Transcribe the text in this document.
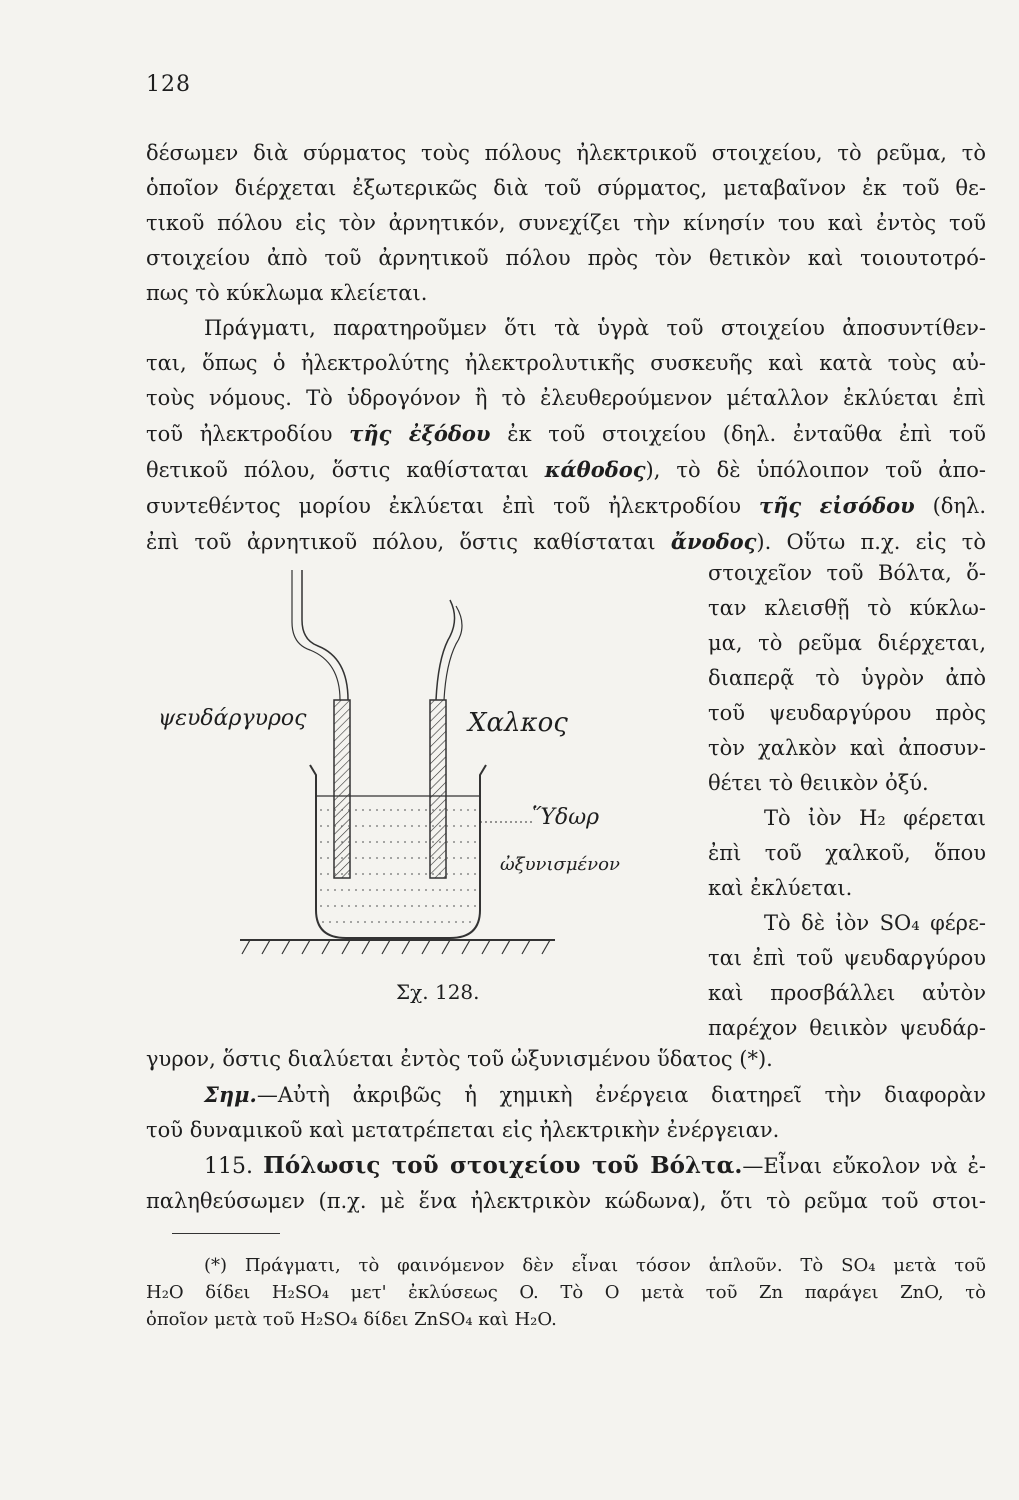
128
δέσωμεν διὰ σύρματος τοὺς πόλους ἠλεκτρικοῦ στοιχείου, τὸ ρεῦμα, τὸ
ὁποῖον διέρχεται ἐξωτερικῶς διὰ τοῦ σύρματος, μεταβαῖνον ἐκ τοῦ θε-
τικοῦ πόλου εἰς τὸν ἀρνητικόν, συνεχίζει τὴν κίνησίν του καὶ ἐντὸς τοῦ
στοιχείου ἀπὸ τοῦ ἀρνητικοῦ πόλου πρὸς τὸν θετικὸν καὶ τοιουτοτρό-
πως τὸ κύκλωμα κλείεται.
Πράγματι, παρατηροῦμεν ὅτι τὰ ὑγρὰ τοῦ στοιχείου ἀποσυντίθεν-
ται, ὅπως ὁ ἠλεκτρολύτης ἠλεκτρολυτικῆς συσκευῆς καὶ κατὰ τοὺς αὐ-
τοὺς νόμους. Τὸ ὑδρογόνον ἢ τὸ ἐλευθερούμενον μέταλλον ἐκλύεται ἐπὶ
τοῦ ἠλεκτροδίου τῆς ἐξόδου ἐκ τοῦ στοιχείου (δηλ. ἐνταῦθα ἐπὶ τοῦ
θετικοῦ πόλου, ὅστις καθίσταται κάθοδος), τὸ δὲ ὑπόλοιπον τοῦ ἀπο-
συντεθέντος μορίου ἐκλύεται ἐπὶ τοῦ ἠλεκτροδίου τῆς εἰσόδου (δηλ.
ἐπὶ τοῦ ἀρνητικοῦ πόλου, ὅστις καθίσταται ἄνοδος). Οὕτω π.χ. εἰς τὸ
στοιχεῖον τοῦ Βόλτα, ὅ-
ταν κλεισθῇ τὸ κύκλω-
μα, τὸ ρεῦμα διέρχεται,
διαπερᾷ τὸ ὑγρὸν ἀπὸ
τοῦ ψευδαργύρου πρὸς
τὸν χαλκὸν καὶ ἀποσυν-
θέτει τὸ θειικὸν ὀξύ.
Τὸ ἰὸν H₂ φέρεται
ἐπὶ τοῦ χαλκοῦ, ὅπου
καὶ ἐκλύεται.
Τὸ δὲ ἰὸν SO₄ φέρε-
ται ἐπὶ τοῦ ψευδαργύρου
καὶ προσβάλλει αὐτὸν
παρέχον θειικὸν ψευδάρ-
ψευδάργυρος	Χαλκος
Ὕδωρ
ὠξυνισμένον
Σχ. 128.
γυρον, ὅστις διαλύεται ἐντὸς τοῦ ὠξυνισμένου ὕδατος (*).
Σημ.—Αὐτὴ ἀκριβῶς ἡ χημικὴ ἐνέργεια διατηρεῖ τὴν διαφορὰν
τοῦ δυναμικοῦ καὶ μετατρέπεται εἰς ἠλεκτρικὴν ἐνέργειαν.
115. Πόλωσις τοῦ στοιχείου τοῦ Βόλτα.—Εἶναι εὔκολον νὰ ἐ-
παληθεύσωμεν (π.χ. μὲ ἕνα ἠλεκτρικὸν κώδωνα), ὅτι τὸ ρεῦμα τοῦ στοι-
(*) Πράγματι, τὸ φαινόμενον δὲν εἶναι τόσον ἁπλοῦν. Τὸ SO₄ μετὰ τοῦ
H₂O δίδει H₂SO₄ μετ' ἐκλύσεως O. Τὸ O μετὰ τοῦ Zn παράγει ZnO, τὸ
ὁποῖον μετὰ τοῦ H₂SO₄ δίδει ZnSO₄ καὶ H₂O.
